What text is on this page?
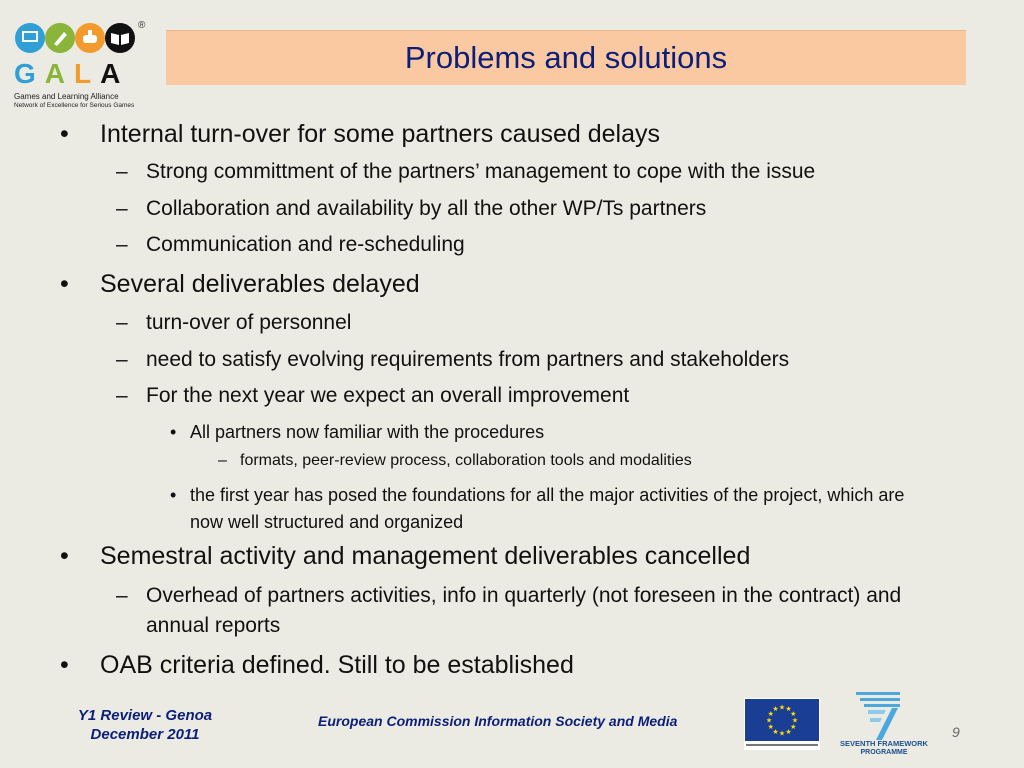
®
GALA
Games and Learning Alliance
Network of Excellence for Serious Games
Problems and solutions
• Internal turn-over for some partners caused delays
– Strong committment of the partners’ management to cope with the issue
– Collaboration and availability by all the other WP/Ts partners
– Communication and re-scheduling
• Several deliverables delayed
– turn-over of personnel
– need to satisfy evolving requirements from partners and stakeholders
– For the next year we expect an overall improvement
• All partners now familiar with the procedures
– formats, peer-review process, collaboration tools and modalities
• the first year has posed the foundations for all the major activities of the project, which are now well structured and organized
• Semestral activity and management deliverables cancelled
– Overhead of partners activities, info in quarterly (not foreseen in the contract) and annual reports
• OAB criteria defined. Still to be established
Y1 Review - Genoa
December 2011
European Commission Information Society and Media
★ ★
★
★
★
★
★
★
★
★
★
★
SEVENTH FRAMEWORK
PROGRAMME
9
